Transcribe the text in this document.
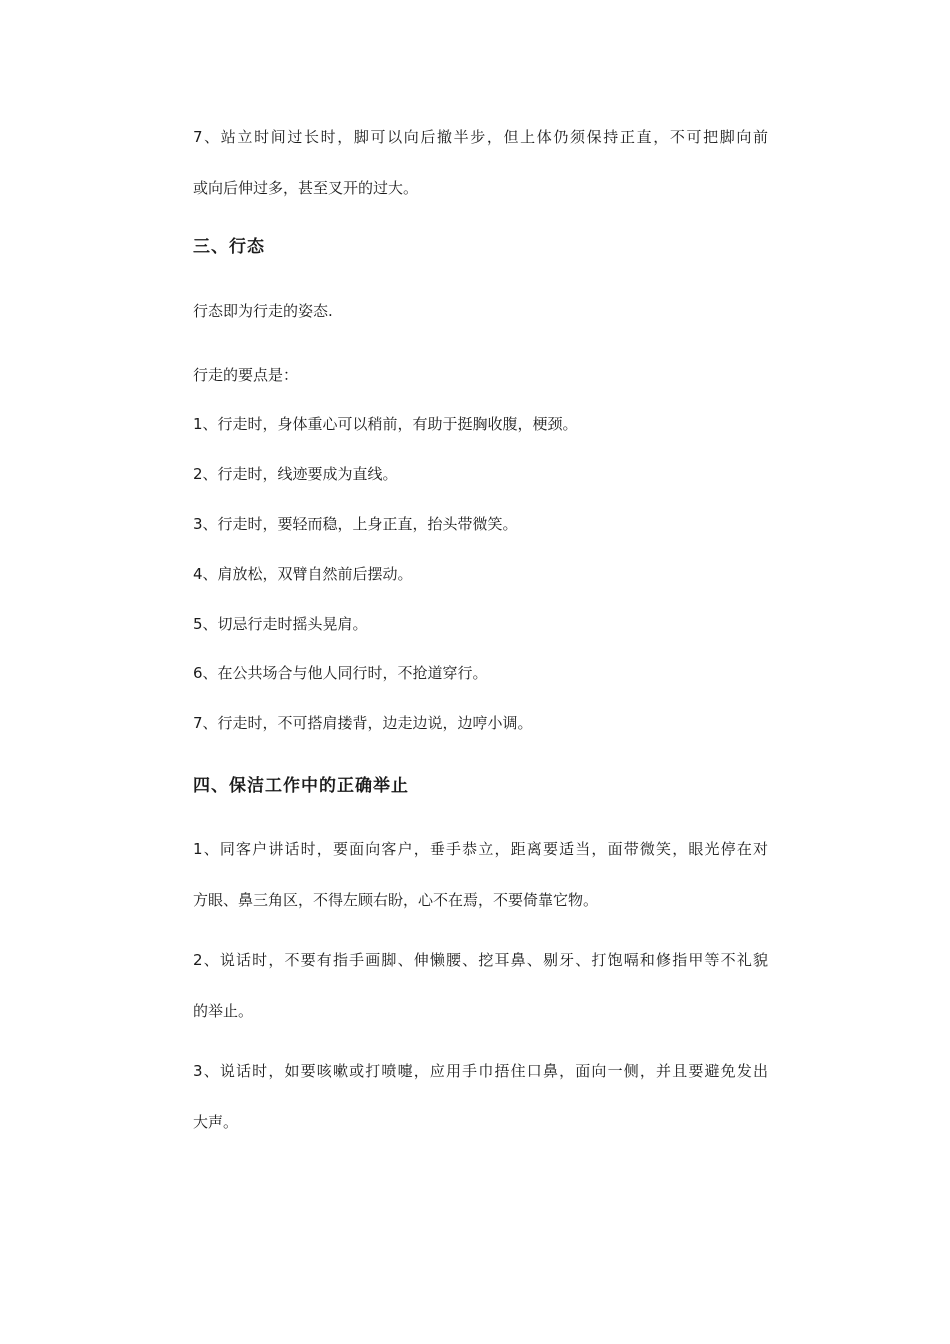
7、站立时间过长时，脚可以向后撤半步，但上体仍须保持正直，不可把脚向前

或向后伸过多，甚至叉开的过大。

三、行态

行态即为行走的姿态.

行走的要点是：

1、行走时，身体重心可以稍前，有助于挺胸收腹，梗颈。

2、行走时，线迹要成为直线。

3、行走时，要轻而稳，上身正直，抬头带微笑。

4、肩放松，双臂自然前后摆动。

5、切忌行走时摇头晃肩。

6、在公共场合与他人同行时，不抢道穿行。

7、行走时，不可搭肩搂背，边走边说，边哼小调。

四、保洁工作中的正确举止

1、同客户讲话时，要面向客户，垂手恭立，距离要适当，面带微笑，眼光停在对

方眼、鼻三角区，不得左顾右盼，心不在焉，不要倚靠它物。

2、说话时，不要有指手画脚、伸懒腰、挖耳鼻、剔牙、打饱嗝和修指甲等不礼貌

的举止。

3、说话时，如要咳嗽或打喷嚏，应用手巾捂住口鼻，面向一侧，并且要避免发出

大声。
